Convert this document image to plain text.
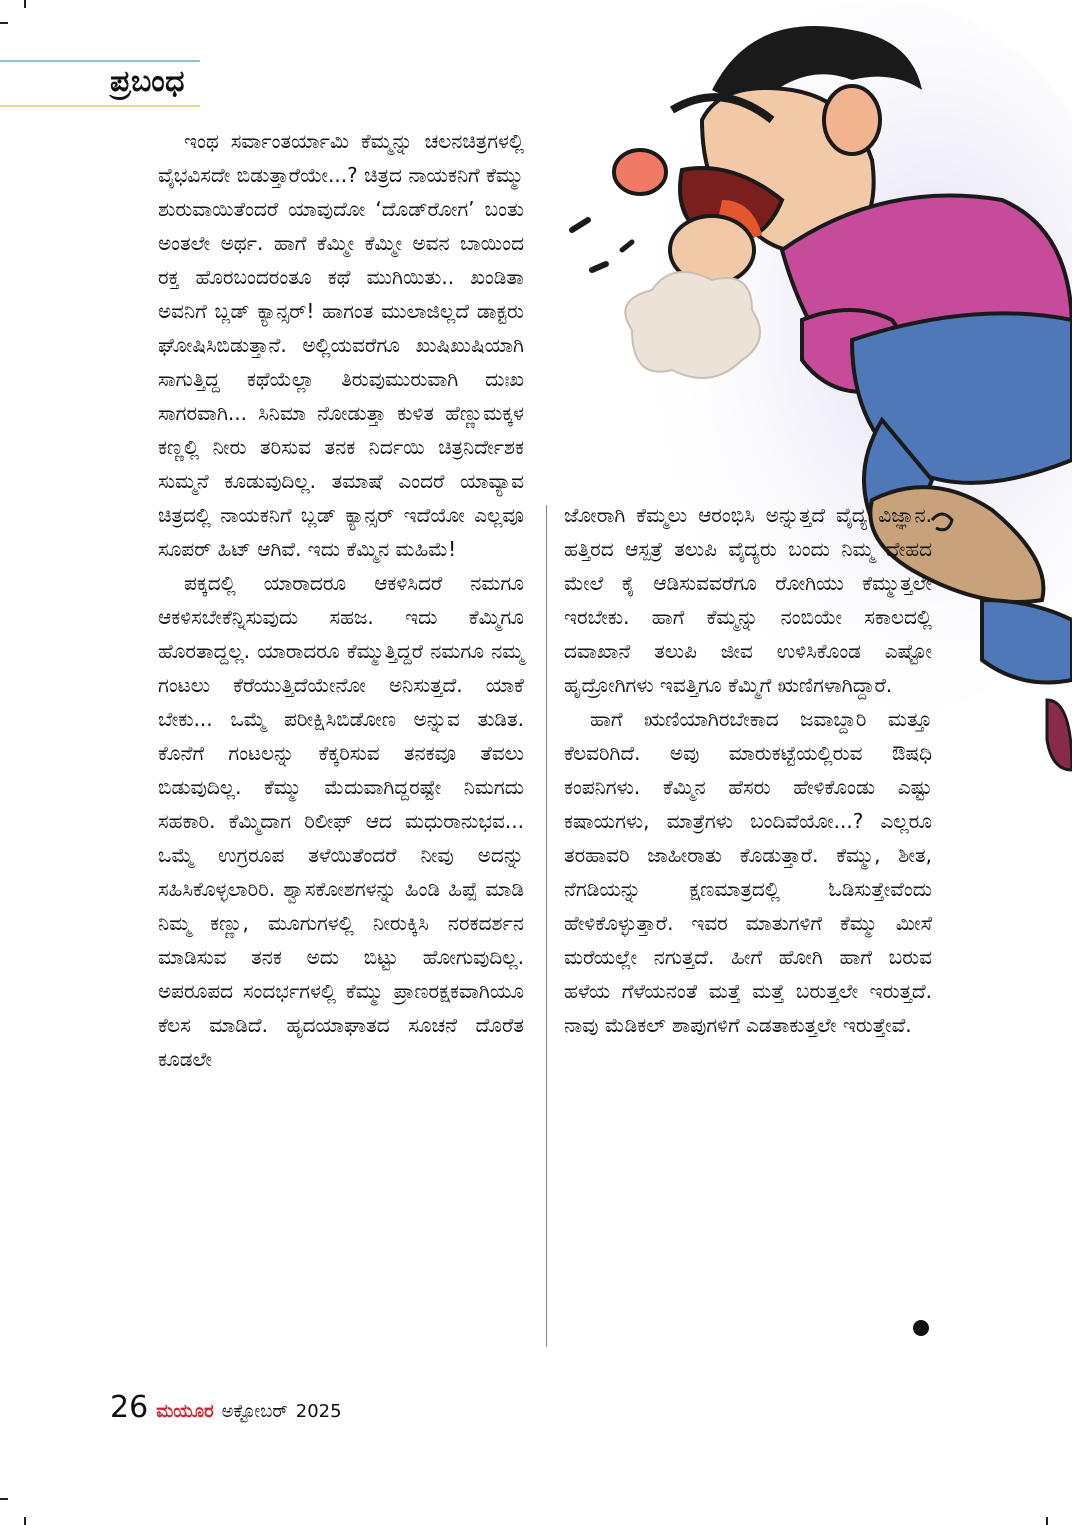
ಪ್ರಬಂಧ

ಇಂಥ ಸರ್ವಾಂತರ್ಯಾಮಿ ಕೆಮ್ಮನ್ನು ಚಲನಚಿತ್ರಗಳಲ್ಲಿ ವೈಭವಿಸದೇ ಬಿಡುತ್ತಾರೆಯೇ...? ಚಿತ್ರದ ನಾಯಕನಿಗೆ ಕೆಮ್ಮು ಶುರುವಾಯಿತೆಂದರೆ ಯಾವುದೋ ‘ದೊಡ್‌ರೋಗ’ ಬಂತು ಅಂತಲೇ ಅರ್ಥ. ಹಾಗೆ ಕೆಮ್ಮೀ ಕೆಮ್ಮೀ ಅವನ ಬಾಯಿಂದ ರಕ್ತ ಹೊರಬಂದರಂತೂ ಕಥೆ ಮುಗಿಯಿತು.. ಖಂಡಿತಾ ಅವನಿಗೆ ಬ್ಲಡ್ ಕ್ಯಾನ್ಸರ್! ಹಾಗಂತ ಮುಲಾಜಿಲ್ಲದೆ ಡಾಕ್ಟರು ಘೋಷಿಸಿಬಿಡುತ್ತಾನೆ. ಅಲ್ಲಿಯವರೆಗೂ ಖುಷಿಖುಷಿಯಾಗಿ ಸಾಗುತ್ತಿದ್ದ ಕಥೆಯೆಲ್ಲಾ ತಿರುವುಮುರುವಾಗಿ ದುಃಖ ಸಾಗರವಾಗಿ... ಸಿನಿಮಾ ನೋಡುತ್ತಾ ಕುಳಿತ ಹೆಣ್ಣುಮಕ್ಕಳ ಕಣ್ಣಲ್ಲಿ ನೀರು ತರಿಸುವ ತನಕ ನಿರ್ದಯಿ ಚಿತ್ರನಿರ್ದೇಶಕ ಸುಮ್ಮನೆ ಕೂಡುವುದಿಲ್ಲ. ತಮಾಷೆ ಎಂದರೆ ಯಾವ್ಯಾವ ಚಿತ್ರದಲ್ಲಿ ನಾಯಕನಿಗೆ ಬ್ಲಡ್ ಕ್ಯಾನ್ಸರ್ ಇದೆಯೋ ಎಲ್ಲವೂ ಸೂಪರ್ ಹಿಟ್ ಆಗಿವೆ. ಇದು ಕೆಮ್ಮಿನ ಮಹಿಮೆ!

ಪಕ್ಕದಲ್ಲಿ ಯಾರಾದರೂ ಆಕಳಿಸಿದರೆ ನಮಗೂ ಆಕಳಿಸಬೇಕೆನ್ನಿಸುವುದು ಸಹಜ. ಇದು ಕೆಮ್ಮಿಗೂ ಹೊರತಾದ್ದಲ್ಲ. ಯಾರಾದರೂ ಕೆಮ್ಮುತ್ತಿದ್ದರೆ ನಮಗೂ ನಮ್ಮ ಗಂಟಲು ಕೆರೆಯುತ್ತಿದೆಯೇನೋ ಅನಿಸುತ್ತದೆ. ಯಾಕೆ ಬೇಕು... ಒಮ್ಮೆ ಪರೀಕ್ಷಿಸಿಬಿಡೋಣ ಅನ್ನುವ ತುಡಿತ. ಕೊನೆಗೆ ಗಂಟಲನ್ನು ಕೆಕ್ಕರಿಸುವ ತನಕವೂ ತೆವಲು ಬಿಡುವುದಿಲ್ಲ. ಕೆಮ್ಮು ಮೆದುವಾಗಿದ್ದರಷ್ಟೇ ನಿಮಗದು ಸಹಕಾರಿ. ಕೆಮ್ಮಿದಾಗ ರಿಲೀಫ್ ಆದ ಮಧುರಾನುಭವ... ಒಮ್ಮೆ ಉಗ್ರರೂಪ ತಳೆಯಿತೆಂದರೆ ನೀವು ಅದನ್ನು ಸಹಿಸಿಕೊಳ್ಳಲಾರಿರಿ. ಶ್ವಾಸಕೋಶಗಳನ್ನು ಹಿಂಡಿ ಹಿಪ್ಪೆ ಮಾಡಿ ನಿಮ್ಮ ಕಣ್ಣು, ಮೂಗುಗಳಲ್ಲಿ ನೀರುಕ್ಕಿಸಿ ನರಕದರ್ಶನ ಮಾಡಿಸುವ ತನಕ ಅದು ಬಿಟ್ಟು ಹೋಗುವುದಿಲ್ಲ. ಅಪರೂಪದ ಸಂದರ್ಭಗಳಲ್ಲಿ ಕೆಮ್ಮು ಪ್ರಾಣರಕ್ಷಕವಾಗಿಯೂ ಕೆಲಸ ಮಾಡಿದೆ. ಹೃದಯಾಘಾತದ ಸೂಚನೆ ದೊರೆತ ಕೂಡಲೇ

ಜೋರಾಗಿ ಕೆಮ್ಮಲು ಆರಂಭಿಸಿ ಅನ್ನುತ್ತದೆ ವೈದ್ಯ ವಿಜ್ಞಾನ. ಹತ್ತಿರದ ಆಸ್ಪತ್ರೆ ತಲುಪಿ ವೈದ್ಯರು ಬಂದು ನಿಮ್ಮ ದೇಹದ ಮೇಲೆ ಕೈ ಆಡಿಸುವವರೆಗೂ ರೋಗಿಯು ಕೆಮ್ಮುತ್ತಲೇ ಇರಬೇಕು. ಹಾಗೆ ಕೆಮ್ಮನ್ನು ನಂಬಿಯೇ ಸಕಾಲದಲ್ಲಿ ದವಾಖಾನೆ ತಲುಪಿ ಜೀವ ಉಳಿಸಿಕೊಂಡ ಎಷ್ಟೋ ಹೃದ್ರೋಗಿಗಳು ಇವತ್ತಿಗೂ ಕೆಮ್ಮಿಗೆ ಋಣಿಗಳಾಗಿದ್ದಾರೆ.

ಹಾಗೆ ಋಣಿಯಾಗಿರಬೇಕಾದ ಜವಾಬ್ದಾರಿ ಮತ್ತೂ ಕೆಲವರಿಗಿದೆ. ಅವು ಮಾರುಕಟ್ಟೆಯಲ್ಲಿರುವ ಔಷಧಿ ಕಂಪನಿಗಳು. ಕೆಮ್ಮಿನ ಹೆಸರು ಹೇಳಿಕೊಂಡು ಎಷ್ಟು ಕಷಾಯಗಳು, ಮಾತ್ರೆಗಳು ಬಂದಿವೆಯೋ...? ಎಲ್ಲರೂ ತರಹಾವರಿ ಜಾಹೀರಾತು ಕೊಡುತ್ತಾರೆ. ಕೆಮ್ಮು, ಶೀತ, ನೆಗಡಿಯನ್ನು ಕ್ಷಣಮಾತ್ರದಲ್ಲಿ ಓಡಿಸುತ್ತೇವೆಂದು ಹೇಳಿಕೊಳ್ಳುತ್ತಾರೆ. ಇವರ ಮಾತುಗಳಿಗೆ ಕೆಮ್ಮು ಮೀಸೆ ಮರೆಯಲ್ಲೇ ನಗುತ್ತದೆ. ಹೀಗೆ ಹೋಗಿ ಹಾಗೆ ಬರುವ ಹಳೆಯ ಗೆಳೆಯನಂತೆ ಮತ್ತೆ ಮತ್ತೆ ಬರುತ್ತಲೇ ಇರುತ್ತದೆ. ನಾವು ಮೆಡಿಕಲ್ ಶಾಪುಗಳಿಗೆ ಎಡತಾಕುತ್ತಲೇ ಇರುತ್ತೇವೆ.

26 ಮಯೂರ ಅಕ್ಟೋಬರ್ 2025
